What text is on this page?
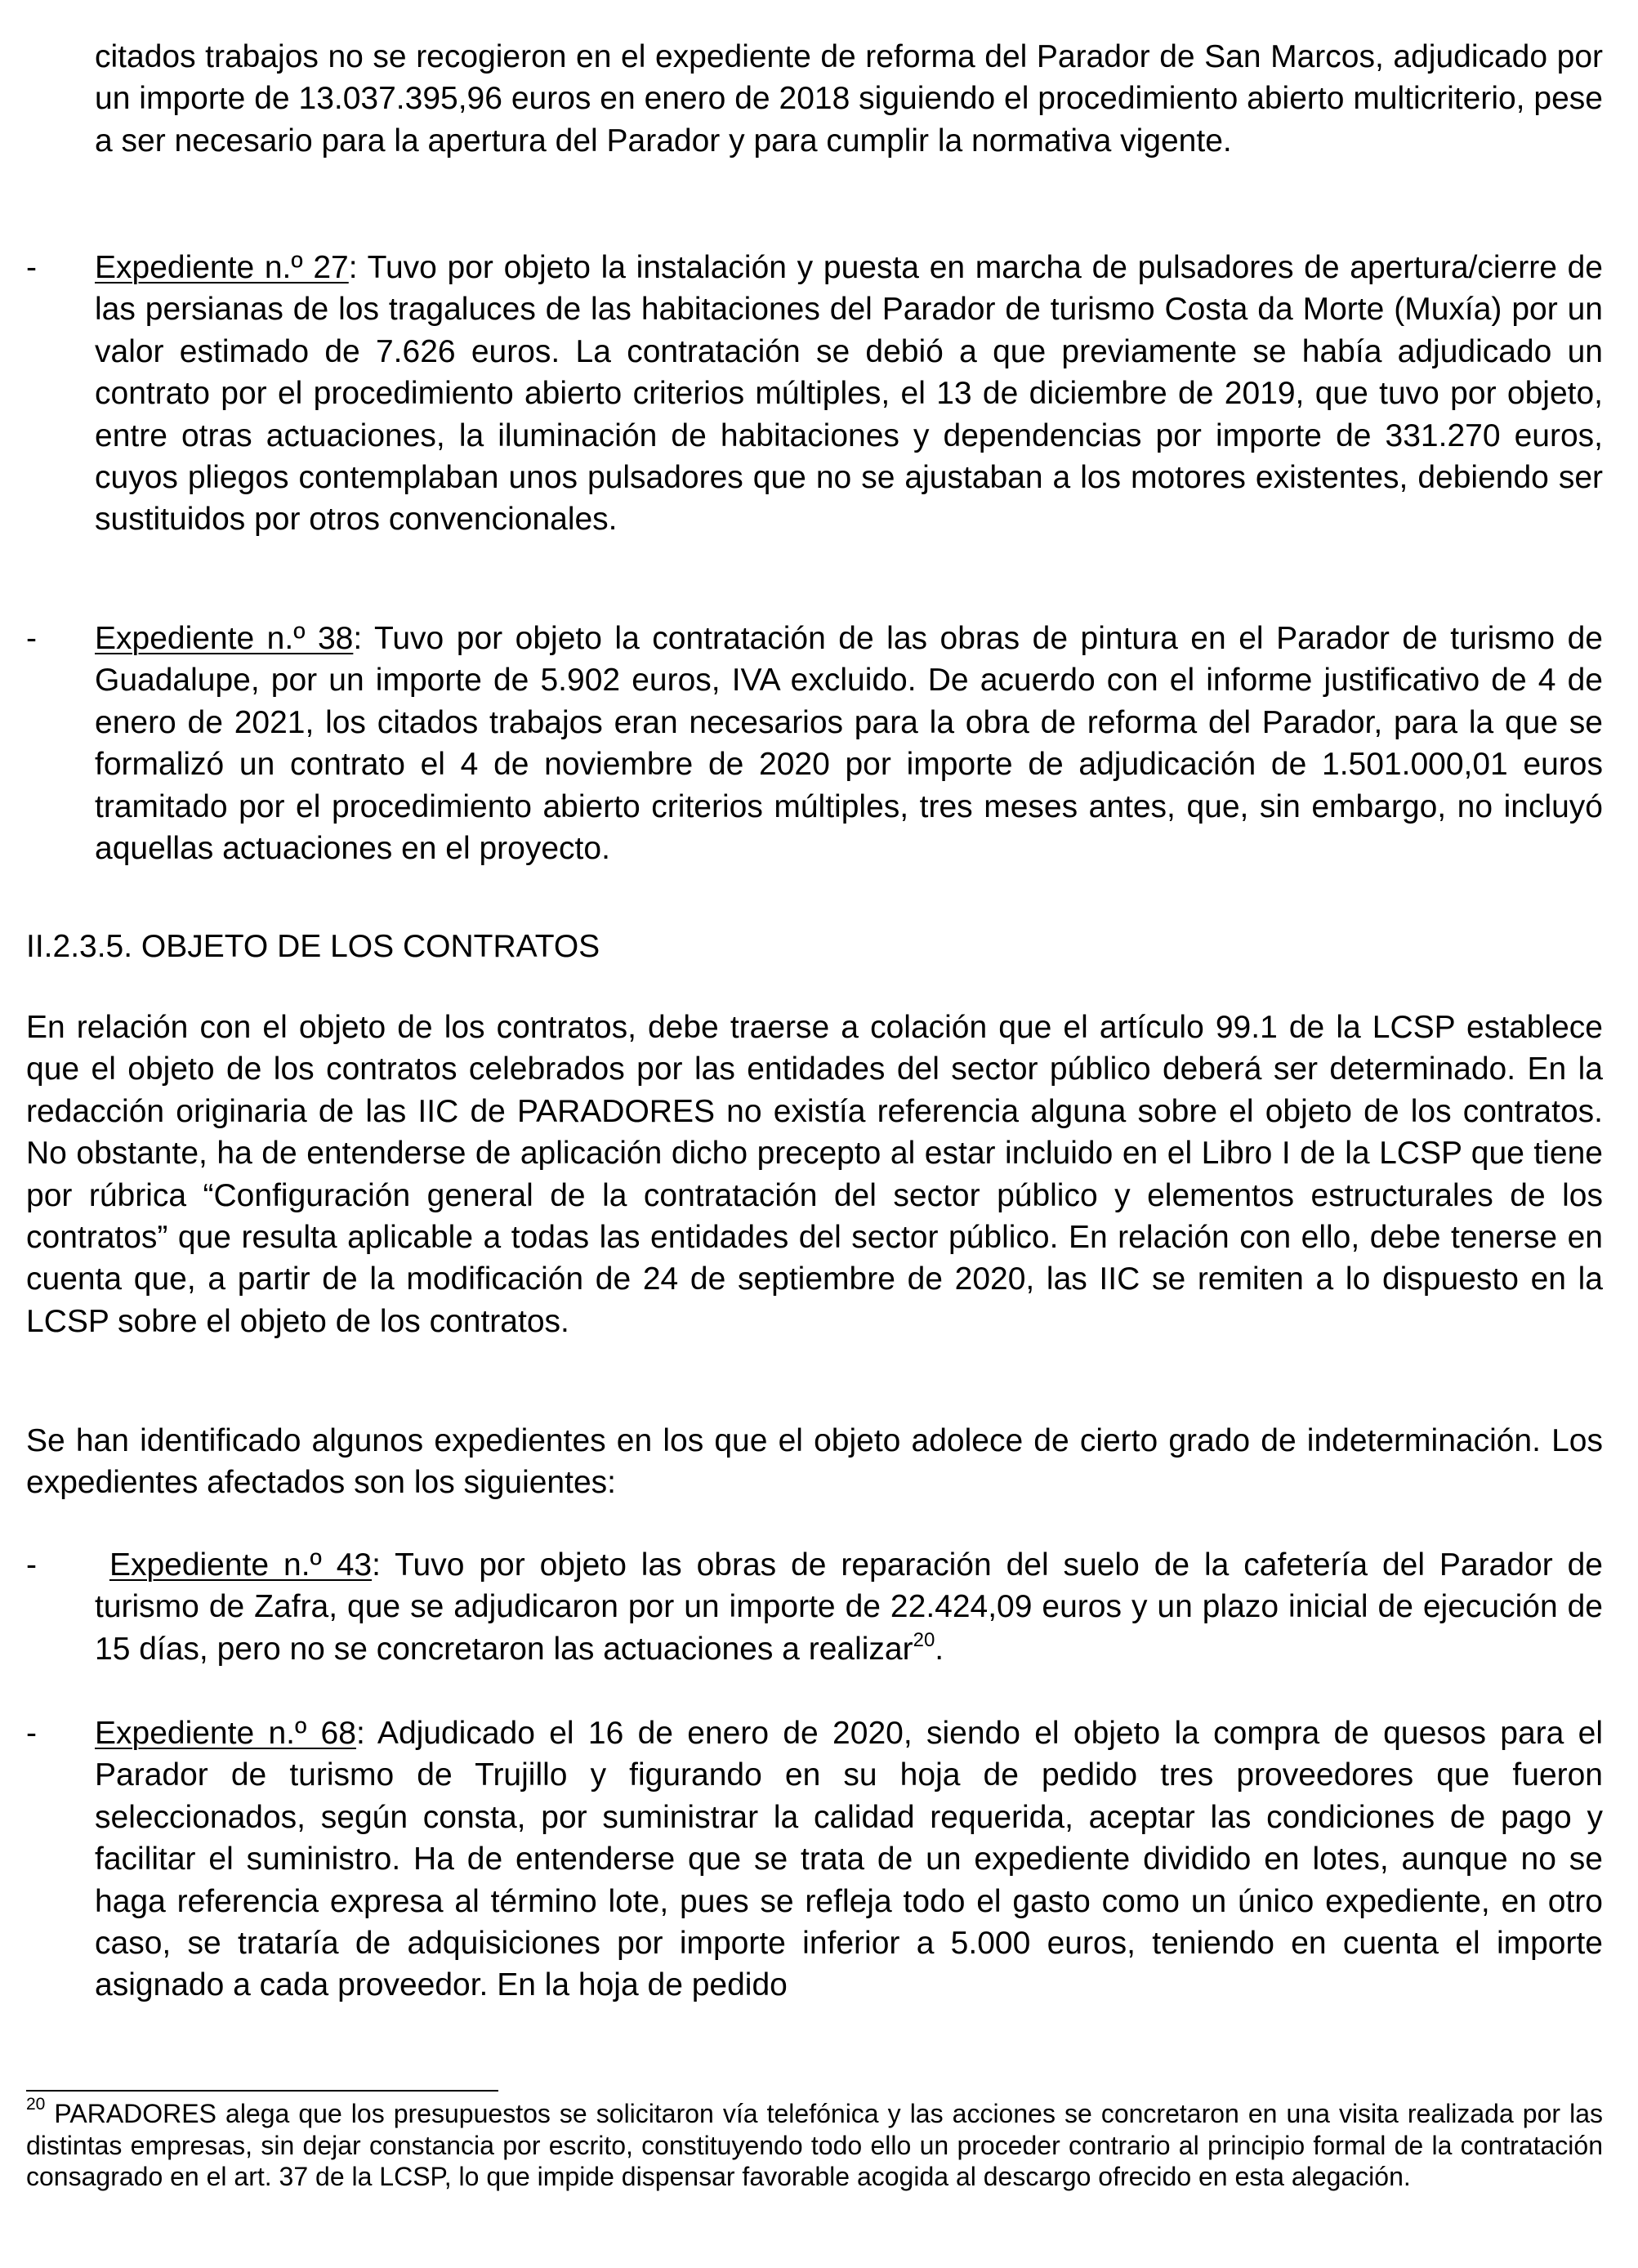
citados trabajos no se recogieron en el expediente de reforma del Parador de San Marcos, adjudicado por un importe de 13.037.395,96 euros en enero de 2018 siguiendo el procedimiento abierto multicriterio, pese a ser necesario para la apertura del Parador y para cumplir la normativa vigente.

- Expediente n.º 27: Tuvo por objeto la instalación y puesta en marcha de pulsadores de apertura/cierre de las persianas de los tragaluces de las habitaciones del Parador de turismo Costa da Morte (Muxía) por un valor estimado de 7.626 euros. La contratación se debió a que previamente se había adjudicado un contrato por el procedimiento abierto criterios múltiples, el 13 de diciembre de 2019, que tuvo por objeto, entre otras actuaciones, la iluminación de habitaciones y dependencias por importe de 331.270 euros, cuyos pliegos contemplaban unos pulsadores que no se ajustaban a los motores existentes, debiendo ser sustituidos por otros convencionales.

- Expediente n.º 38: Tuvo por objeto la contratación de las obras de pintura en el Parador de turismo de Guadalupe, por un importe de 5.902 euros, IVA excluido. De acuerdo con el informe justificativo de 4 de enero de 2021, los citados trabajos eran necesarios para la obra de reforma del Parador, para la que se formalizó un contrato el 4 de noviembre de 2020 por importe de adjudicación de 1.501.000,01 euros tramitado por el procedimiento abierto criterios múltiples, tres meses antes, que, sin embargo, no incluyó aquellas actuaciones en el proyecto.

II.2.3.5. OBJETO DE LOS CONTRATOS

En relación con el objeto de los contratos, debe traerse a colación que el artículo 99.1 de la LCSP establece que el objeto de los contratos celebrados por las entidades del sector público deberá ser determinado. En la redacción originaria de las IIC de PARADORES no existía referencia alguna sobre el objeto de los contratos. No obstante, ha de entenderse de aplicación dicho precepto al estar incluido en el Libro I de la LCSP que tiene por rúbrica “Configuración general de la contratación del sector público y elementos estructurales de los contratos” que resulta aplicable a todas las entidades del sector público. En relación con ello, debe tenerse en cuenta que, a partir de la modificación de 24 de septiembre de 2020, las IIC se remiten a lo dispuesto en la LCSP sobre el objeto de los contratos.

Se han identificado algunos expedientes en los que el objeto adolece de cierto grado de indeterminación. Los expedientes afectados son los siguientes:

-	Expediente n.º 43: Tuvo por objeto las obras de reparación del suelo de la cafetería del Parador de turismo de Zafra, que se adjudicaron por un importe de 22.424,09 euros y un plazo inicial de ejecución de 15 días, pero no se concretaron las actuaciones a realizar$^{20}$.

- Expediente n.º 68: Adjudicado el 16 de enero de 2020, siendo el objeto la compra de quesos para el Parador de turismo de Trujillo y figurando en su hoja de pedido tres proveedores que fueron seleccionados, según consta, por suministrar la calidad requerida, aceptar las condiciones de pago y facilitar el suministro. Ha de entenderse que se trata de un expediente dividido en lotes, aunque no se haga referencia expresa al término lote, pues se refleja todo el gasto como un único expediente, en otro caso, se trataría de adquisiciones por importe inferior a 5.000 euros, teniendo en cuenta el importe asignado a cada proveedor. En la hoja de pedido

$^{20}$ PARADORES alega que los presupuestos se solicitaron vía telefónica y las acciones se concretaron en una visita realizada por las distintas empresas, sin dejar constancia por escrito, constituyendo todo ello un proceder contrario al principio formal de la contratación consagrado en el art. 37 de la LCSP, lo que impide dispensar favorable acogida al descargo ofrecido en esta alegación.
